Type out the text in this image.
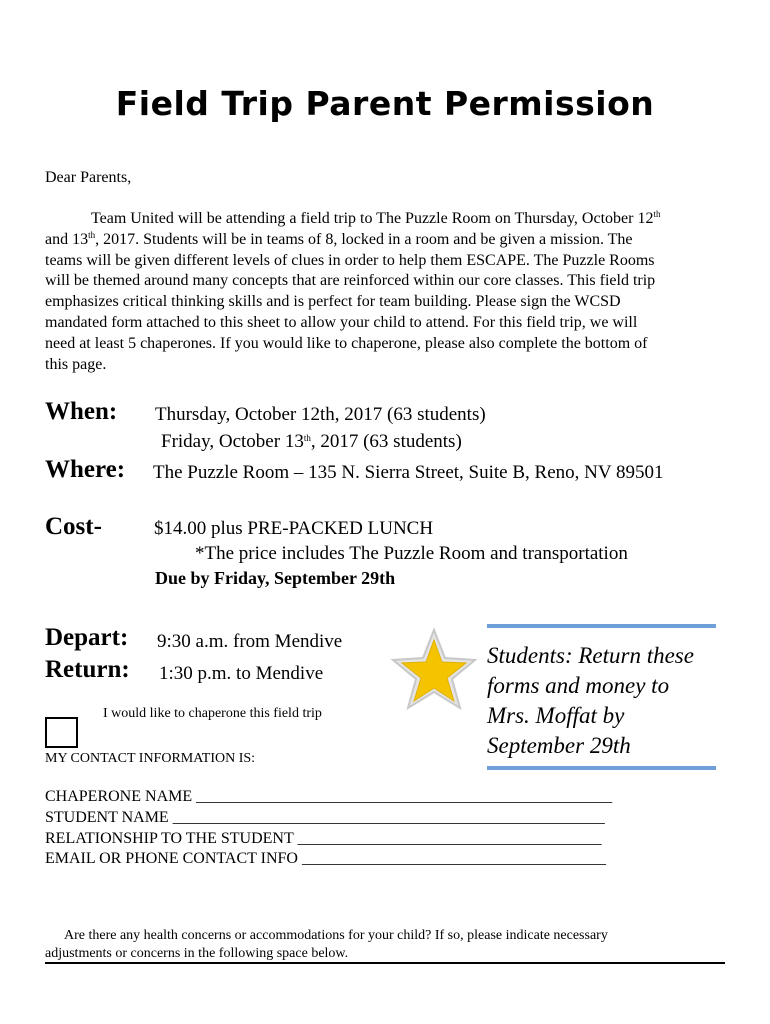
Field Trip Parent Permission
Dear Parents,
Team United will be attending a field trip to The Puzzle Room on Thursday, October 12th
and 13th, 2017. Students will be in teams of 8, locked in a room and be given a mission. The
teams will be given different levels of clues in order to help them ESCAPE. The Puzzle Rooms
will be themed around many concepts that are reinforced within our core classes. This field trip
emphasizes critical thinking skills and is perfect for team building. Please sign the WCSD
mandated form attached to this sheet to allow your child to attend. For this field trip, we will
need at least 5 chaperones. If you would like to chaperone, please also complete the bottom of
this page.
When: Thursday, October 12th, 2017 (63 students)
Friday, October 13th, 2017 (63 students)
Where: The Puzzle Room – 135 N. Sierra Street, Suite B, Reno, NV 89501
Cost-	$14.00 plus PRE-PACKED LUNCH
*The price includes The Puzzle Room and transportation
Due by Friday, September 29th
Depart: 9:30 a.m. from Mendive
Return: 1:30 p.m. to Mendive
Students: Return these
forms and money to
Mrs. Moffat by
September 29th
I would like to chaperone this field trip
MY CONTACT INFORMATION IS:
CHAPERONE NAME ____________________________________________________
STUDENT NAME ______________________________________________________
RELATIONSHIP TO THE STUDENT ______________________________________
EMAIL OR PHONE CONTACT INFO ______________________________________
Are there any health concerns or accommodations for your child? If so, please indicate necessary
adjustments or concerns in the following space below.
